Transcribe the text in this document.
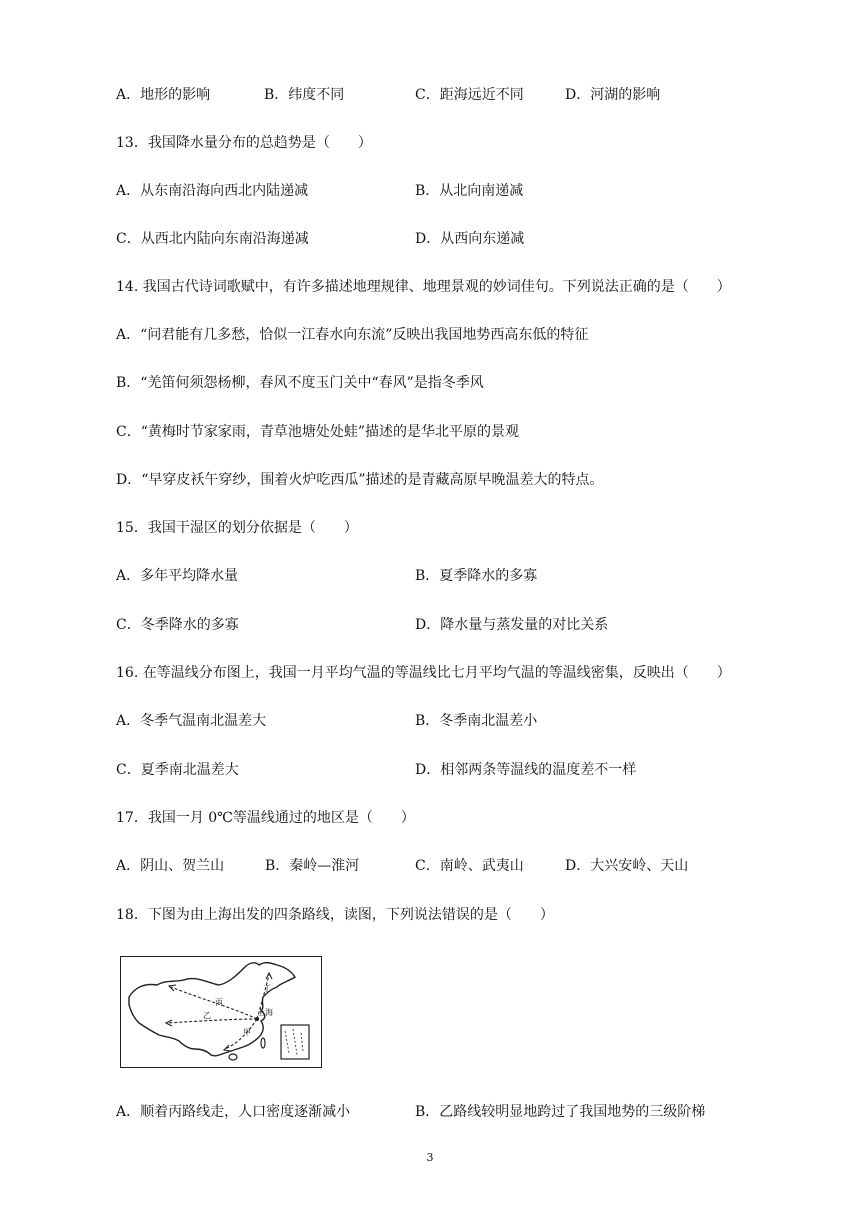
A．地形的影响	B．纬度不同	C．距海远近不同	D．河湖的影响
13．我国降水量分布的总趋势是（　　）
A．从东南沿海向西北内陆递减	B．从北向南递减
C．从西北内陆向东南沿海递减	D．从西向东递减
14. 我国古代诗词歌赋中，有许多描述地理规律、地理景观的妙词佳句。下列说法正确的是（　　）
A．“问君能有几多愁，恰似一江春水向东流”反映出我国地势西高东低的特征
B．“羌笛何须怨杨柳，春风不度玉门关中“春风”是指冬季风
C．“黄梅时节家家雨，青草池塘处处蛙”描述的是华北平原的景观
D．“早穿皮袄午穿纱，围着火炉吃西瓜”描述的是青藏高原早晚温差大的特点。
15．我国干湿区的划分依据是（　　）
A．多年平均降水量	B．夏季降水的多寡
C．冬季降水的多寡	D．降水量与蒸发量的对比关系
16. 在等温线分布图上，我国一月平均气温的等温线比七月平均气温的等温线密集，反映出（　　）
A．冬季气温南北温差大	B．冬季南北温差小
C．夏季南北温差大	D．相邻两条等温线的温度差不一样
17．我国一月 0℃等温线通过的地区是（　　）
A．阴山、贺兰山	B．秦岭—淮河	C．南岭、武夷山	D．大兴安岭、天山
18．下图为由上海出发的四条路线，读图，下列说法错误的是（　　）
丁
丙
乙
甲
上海
A．顺着丙路线走，人口密度逐渐减小	B．乙路线较明显地跨过了我国地势的三级阶梯
3
